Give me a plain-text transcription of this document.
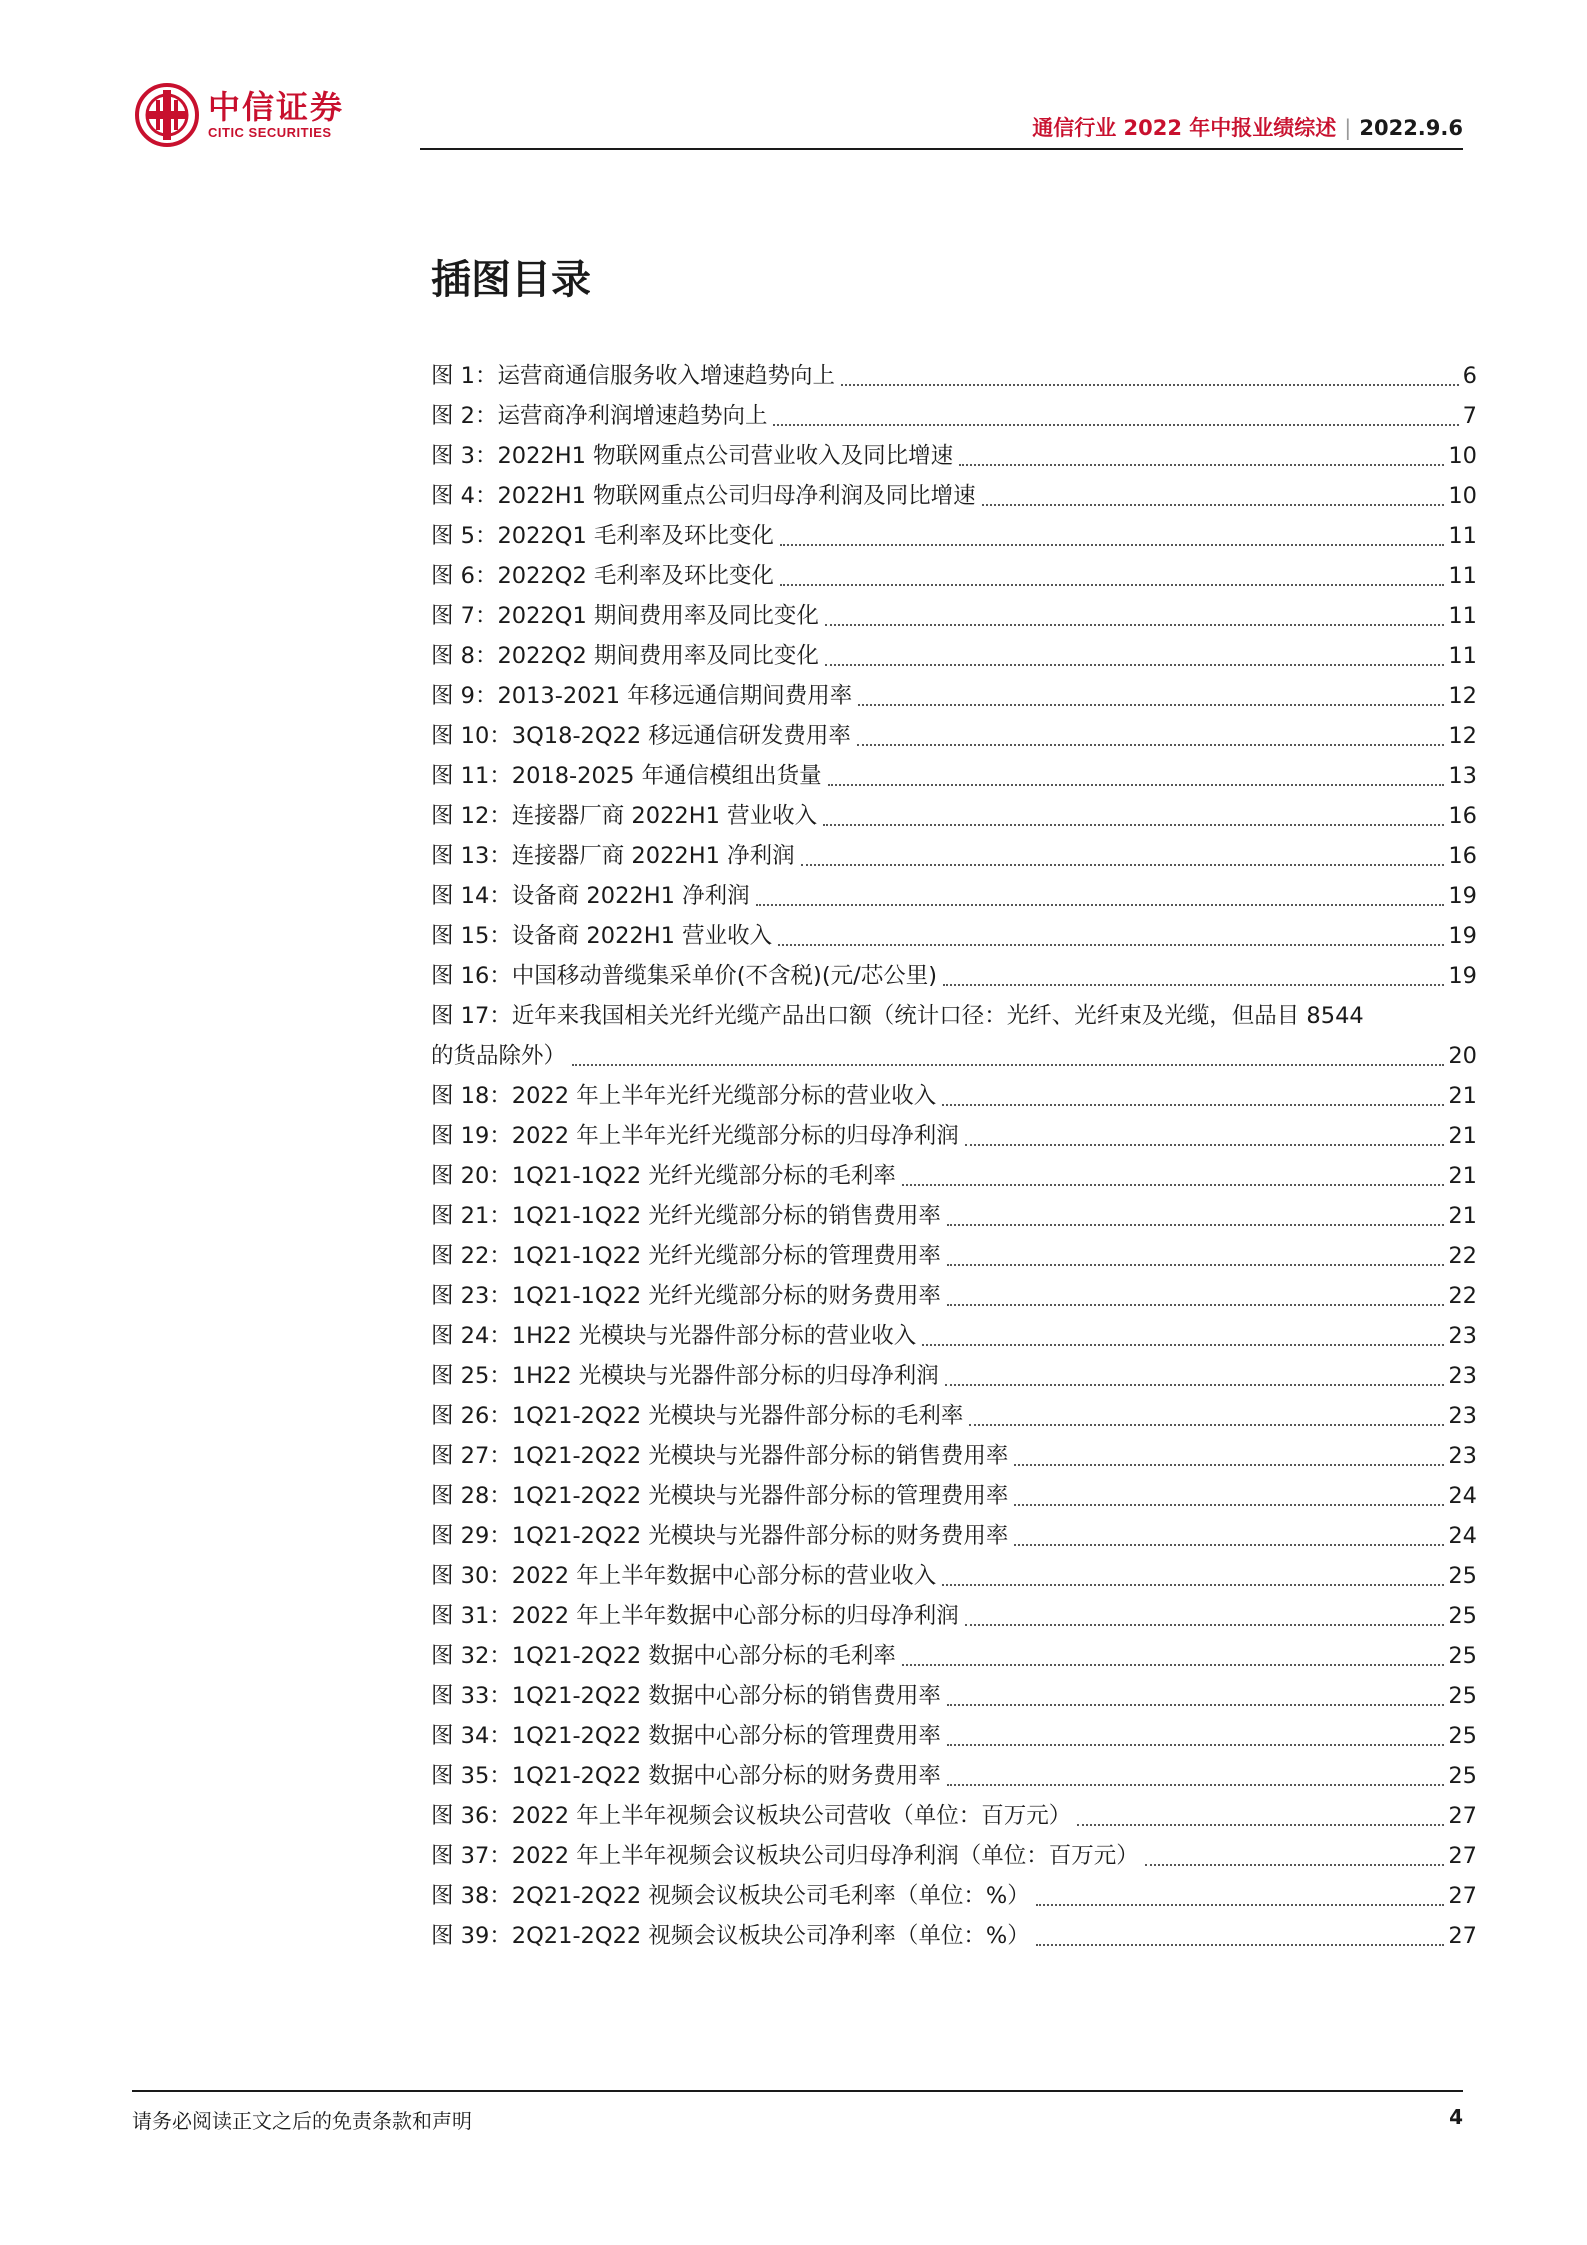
中信证券
CITIC SECURITIES	通信行业 2022 年中报业绩综述 | 2022.9.6
插图目录
图 1：运营商通信服务收入增速趋势向上	6
图 2：运营商净利润增速趋势向上	7
图 3：2022H1 物联网重点公司营业收入及同比增速	10
图 4：2022H1 物联网重点公司归母净利润及同比增速	10
图 5：2022Q1 毛利率及环比变化	11
图 6：2022Q2 毛利率及环比变化	11
图 7：2022Q1 期间费用率及同比变化	11
图 8：2022Q2 期间费用率及同比变化	11
图 9：2013-2021 年移远通信期间费用率	12
图 10：3Q18-2Q22 移远通信研发费用率	12
图 11：2018-2025 年通信模组出货量	13
图 12：连接器厂商 2022H1 营业收入	16
图 13：连接器厂商 2022H1 净利润	16
图 14：设备商 2022H1 净利润	19
图 15：设备商 2022H1 营业收入	19
图 16：中国移动普缆集采单价(不含税)(元/芯公里)	19
图 17：近年来我国相关光纤光缆产品出口额（统计口径：光纤、光纤束及光缆，但品目 8544
的货品除外）	20
图 18：2022 年上半年光纤光缆部分标的营业收入	21
图 19：2022 年上半年光纤光缆部分标的归母净利润	21
图 20：1Q21-1Q22 光纤光缆部分标的毛利率	21
图 21：1Q21-1Q22 光纤光缆部分标的销售费用率	21
图 22：1Q21-1Q22 光纤光缆部分标的管理费用率	22
图 23：1Q21-1Q22 光纤光缆部分标的财务费用率	22
图 24：1H22 光模块与光器件部分标的营业收入	23
图 25：1H22 光模块与光器件部分标的归母净利润	23
图 26：1Q21-2Q22 光模块与光器件部分标的毛利率	23
图 27：1Q21-2Q22 光模块与光器件部分标的销售费用率	23
图 28：1Q21-2Q22 光模块与光器件部分标的管理费用率	24
图 29：1Q21-2Q22 光模块与光器件部分标的财务费用率	24
图 30：2022 年上半年数据中心部分标的营业收入	25
图 31：2022 年上半年数据中心部分标的归母净利润	25
图 32：1Q21-2Q22 数据中心部分标的毛利率	25
图 33：1Q21-2Q22 数据中心部分标的销售费用率	25
图 34：1Q21-2Q22 数据中心部分标的管理费用率	25
图 35：1Q21-2Q22 数据中心部分标的财务费用率	25
图 36：2022 年上半年视频会议板块公司营收（单位：百万元）	27
图 37：2022 年上半年视频会议板块公司归母净利润（单位：百万元）	27
图 38：2Q21-2Q22 视频会议板块公司毛利率（单位：%）	27
图 39：2Q21-2Q22 视频会议板块公司净利率（单位：%）	27
请务必阅读正文之后的免责条款和声明	4
